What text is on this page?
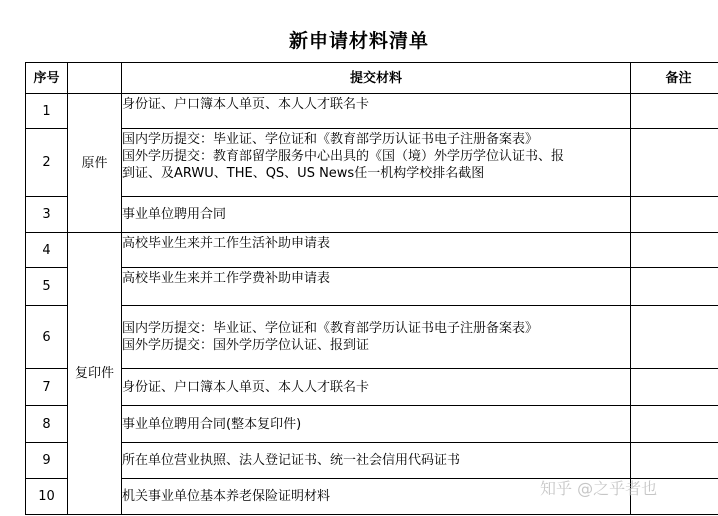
新申请材料清单
序号		提交材料	备注
1	原件	身份证、户口簿本人单页、本人人才联名卡	

2		国内学历提交：毕业证、学位证和《教育部学历认证书电子注册备案表》
国外学历提交：教育部留学服务中心出具的《国（境）外学历学位认证书、报
到证、及ARWU、THE、QS、US News任一机构学校排名截图	

3		事业单位聘用合同	

4	复印件	高校毕业生来并工作生活补助申请表	

5		高校毕业生来并工作学费补助申请表	

6		国内学历提交：毕业证、学位证和《教育部学历认证书电子注册备案表》
国外学历提交：国外学历学位认证、报到证	

7		身份证、户口簿本人单页、本人人才联名卡	

8		事业单位聘用合同(整本复印件)	

9		所在单位营业执照、法人登记证书、统一社会信用代码证书	

10		机关事业单位基本养老保险证明材料	
		知乎 @之乎者也
